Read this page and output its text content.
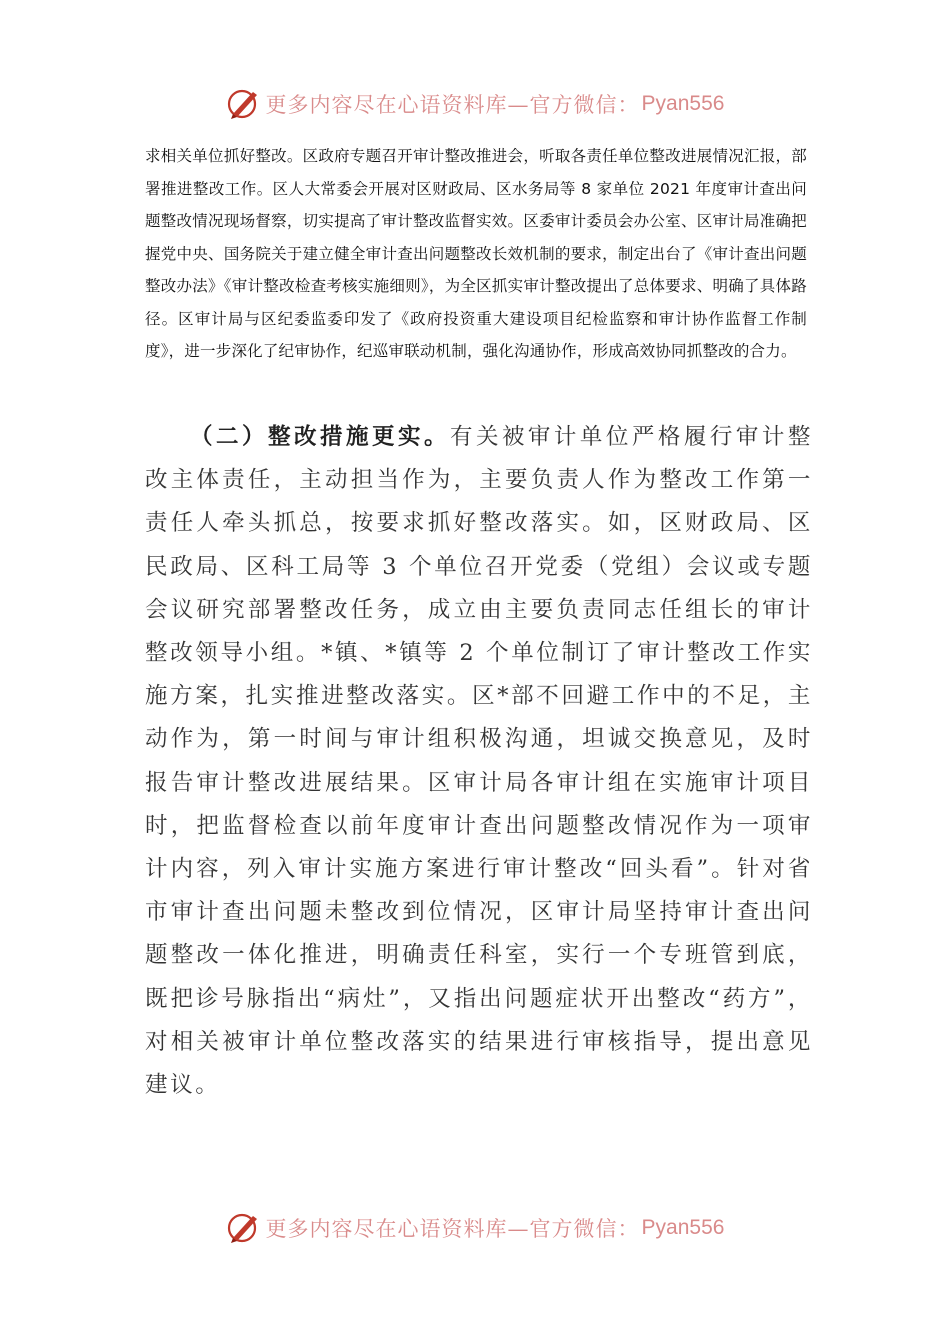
更多内容尽在心语资料库—官方微信： Pyan556

求相关单位抓好整改。区政府专题召开审计整改推进会，听取各责任单位整改进展情况汇报，部署推进整改工作。区人大常委会开展对区财政局、区水务局等 8 家单位 2021 年度审计查出问题整改情况现场督察，切实提高了审计整改监督实效。区委审计委员会办公室、区审计局准确把握党中央、国务院关于建立健全审计查出问题整改长效机制的要求，制定出台了《审计查出问题整改办法》《审计整改检查考核实施细则》，为全区抓实审计整改提出了总体要求、明确了具体路径。区审计局与区纪委监委印发了《政府投资重大建设项目纪检监察和审计协作监督工作制度》，进一步深化了纪审协作，纪巡审联动机制，强化沟通协作，形成高效协同抓整改的合力。

（二）整改措施更实。有关被审计单位严格履行审计整改主体责任，主动担当作为，主要负责人作为整改工作第一责任人牵头抓总，按要求抓好整改落实。如，区财政局、区民政局、区科工局等 3 个单位召开党委（党组）会议或专题会议研究部署整改任务，成立由主要负责同志任组长的审计整改领导小组。*镇、*镇等 2 个单位制订了审计整改工作实施方案，扎实推进整改落实。区*部不回避工作中的不足，主动作为，第一时间与审计组积极沟通，坦诚交换意见，及时报告审计整改进展结果。区审计局各审计组在实施审计项目时，把监督检查以前年度审计查出问题整改情况作为一项审计内容，列入审计实施方案进行审计整改“回头看”。针对省市审计查出问题未整改到位情况，区审计局坚持审计查出问题整改一体化推进，明确责任科室，实行一个专班管到底，既把诊号脉指出“病灶”，又指出问题症状开出整改“药方”，对相关被审计单位整改落实的结果进行审核指导，提出意见建议。

更多内容尽在心语资料库—官方微信： Pyan556
